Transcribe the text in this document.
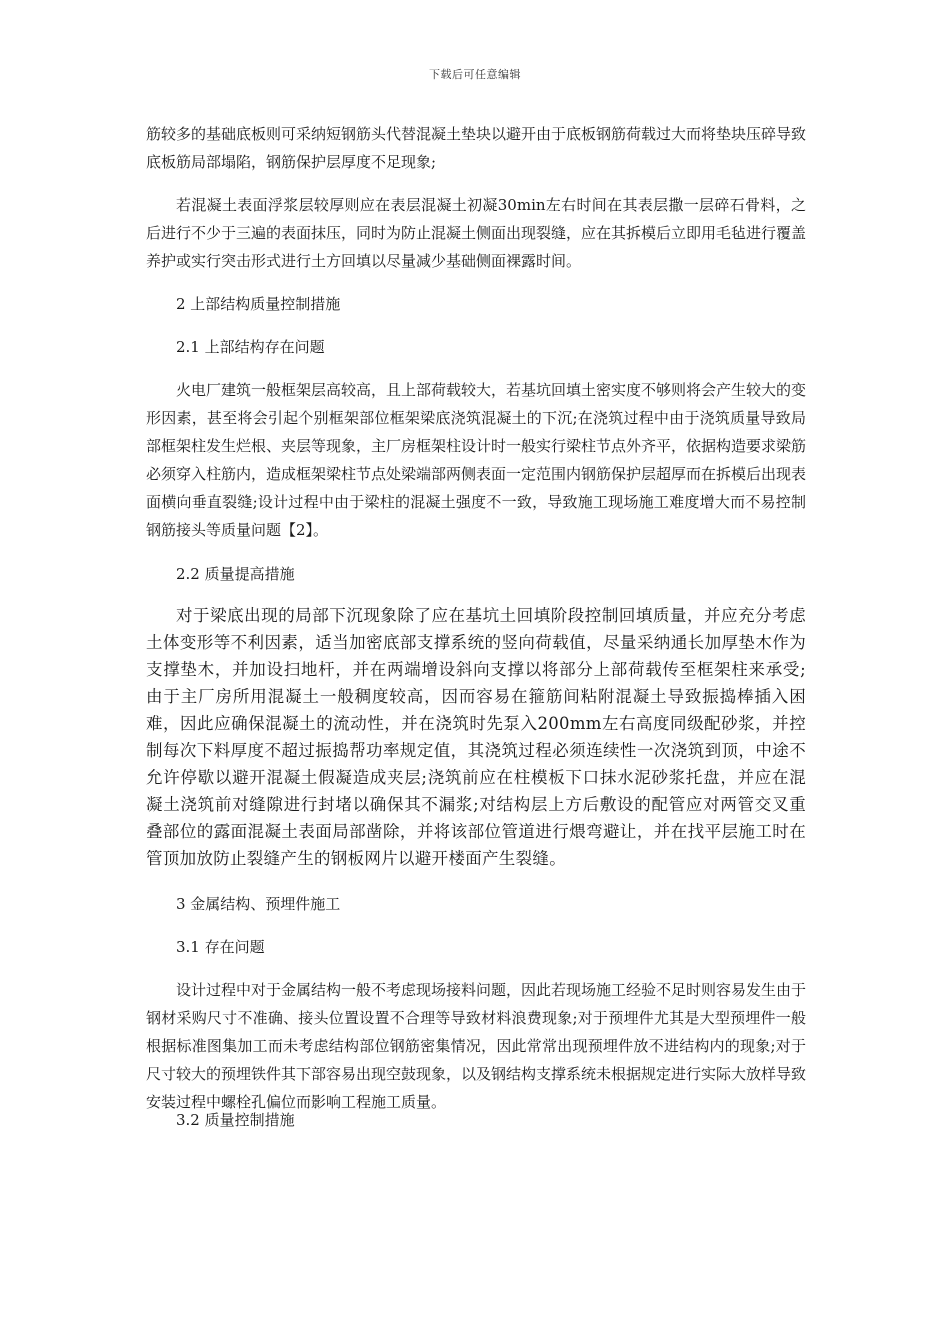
下载后可任意编辑

筋较多的基础底板则可采纳短钢筋头代替混凝土垫块以避开由于底板钢筋荷载过大而将垫块压碎导致底板筋局部塌陷，钢筋保护层厚度不足现象;

若混凝土表面浮浆层较厚则应在表层混凝土初凝30min左右时间在其表层撒一层碎石骨料，之后进行不少于三遍的表面抹压，同时为防止混凝土侧面出现裂缝，应在其拆模后立即用毛毡进行覆盖养护或实行突击形式进行土方回填以尽量减少基础侧面裸露时间。

2 上部结构质量控制措施

2.1 上部结构存在问题

火电厂建筑一般框架层高较高，且上部荷载较大，若基坑回填土密实度不够则将会产生较大的变形因素，甚至将会引起个别框架部位框架梁底浇筑混凝土的下沉;在浇筑过程中由于浇筑质量导致局部框架柱发生烂根、夹层等现象，主厂房框架柱设计时一般实行梁柱节点外齐平，依据构造要求梁筋必须穿入柱筋内，造成框架梁柱节点处梁端部两侧表面一定范围内钢筋保护层超厚而在拆模后出现表面横向垂直裂缝;设计过程中由于梁柱的混凝土强度不一致，导致施工现场施工难度增大而不易控制钢筋接头等质量问题【2】。

2.2 质量提高措施

对于梁底出现的局部下沉现象除了应在基坑土回填阶段控制回填质量，并应充分考虑土体变形等不利因素，适当加密底部支撑系统的竖向荷载值，尽量采纳通长加厚垫木作为支撑垫木，并加设扫地杆，并在两端增设斜向支撑以将部分上部荷载传至框架柱来承受;由于主厂房所用混凝土一般稠度较高，因而容易在箍筋间粘附混凝土导致振捣棒插入困难，因此应确保混凝土的流动性，并在浇筑时先泵入200mm左右高度同级配砂浆，并控制每次下料厚度不超过振捣帮功率规定值，其浇筑过程必须连续性一次浇筑到顶，中途不允许停歇以避开混凝土假凝造成夹层;浇筑前应在柱模板下口抹水泥砂浆托盘，并应在混凝土浇筑前对缝隙进行封堵以确保其不漏浆;对结构层上方后敷设的配管应对两管交叉重叠部位的露面混凝土表面局部凿除，并将该部位管道进行煨弯避让，并在找平层施工时在管顶加放防止裂缝产生的钢板网片以避开楼面产生裂缝。

3 金属结构、预埋件施工

3.1 存在问题

设计过程中对于金属结构一般不考虑现场接料问题，因此若现场施工经验不足时则容易发生由于钢材采购尺寸不准确、接头位置设置不合理等导致材料浪费现象;对于预埋件尤其是大型预埋件一般根据标准图集加工而未考虑结构部位钢筋密集情况，因此常常出现预埋件放不进结构内的现象;对于尺寸较大的预埋铁件其下部容易出现空鼓现象，以及钢结构支撑系统未根据规定进行实际大放样导致安装过程中螺栓孔偏位而影响工程施工质量。

3.2 质量控制措施
